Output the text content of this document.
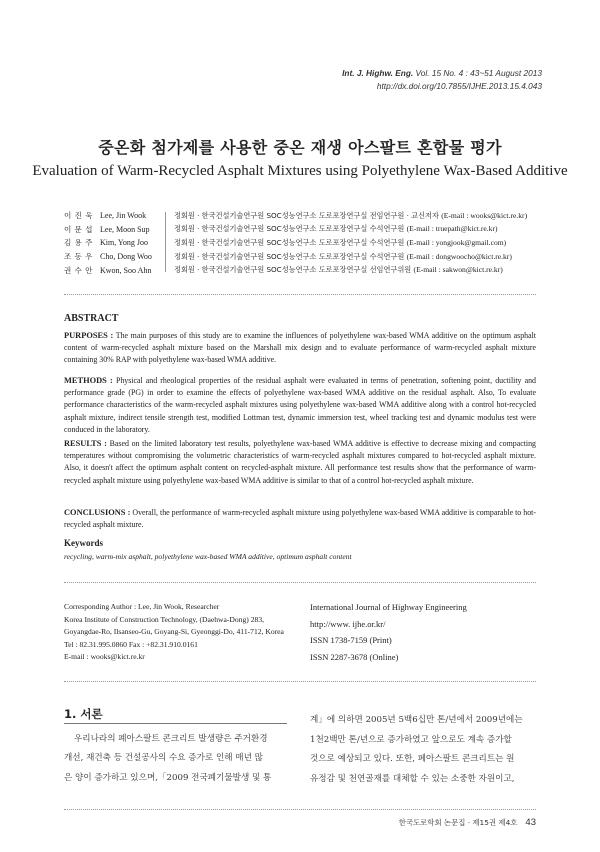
Int. J. Highw. Eng. Vol. 15 No. 4 : 43~51 August 2013
http://dx.doi.org/10.7855/IJHE.2013.15.4.043
중온화 첨가제를 사용한 중온 재생 아스팔트 혼합물 평가
Evaluation of Warm-Recycled Asphalt Mixtures using Polyethylene Wax-Based Additive
이 진 욱 Lee, Jin Wook	정회원 · 한국건설기술연구원 SOC성능연구소 도로포장연구실 전임연구원 · 교신저자 (E-mail : wooks@kict.re.kr)
이 문 섭 Lee, Moon Sup	정회원 · 한국건설기술연구원 SOC성능연구소 도로포장연구실 수석연구원 (E-mail : truepath@kict.re.kr)
김 용 주 Kim, Yong Joo	정회원 · 한국건설기술연구원 SOC성능연구소 도로포장연구실 수석연구원 (E-mail : yongjook@gmail.com)
조 동 우 Cho, Dong Woo	정회원 · 한국건설기술연구원 SOC성능연구소 도로포장연구실 수석연구원 (E-mail : dongwoocho@kict.re.kr)
권 수 안 Kwon, Soo Ahn	정회원 · 한국건설기술연구원 SOC성능연구소 도로포장연구실 선임연구위원 (E-mail : sakwon@kict.re.kr)
ABSTRACT
PURPOSES : The main purposes of this study are to examine the influences of polyethylene wax-based WMA additive on the optimum asphalt content of warm-recycled asphalt mixture based on the Marshall mix design and to evaluate performance of warm-recycled asphalt mixture containing 30% RAP with polyethylene wax-based WMA additive.
METHODS : Physical and rheological properties of the residual asphalt were evaluated in terms of penetration, softening point, ductility and performance grade (PG) in order to examine the effects of polyethylene wax-based WMA additive on the residual asphalt. Also, To evaluate performance characteristics of the warm-recycled asphalt mixtures using polyethylene wax-based WMA additive along with a control hot-recycled asphalt mixture, indirect tensile strength test, modified Lottman test, dynamic immersion test, wheel tracking test and dynamic modulus test were conduced in the laboratory.
RESULTS : Based on the limited laboratory test results, polyethylene wax-based WMA additive is effective to decrease mixing and compacting temperatures without compromising the volumetric characteristics of warm-recycled asphalt mixtures compared to hot-recycled asphalt mixture. Also, it doesn't affect the optimum asphalt content on recycled-asphalt mixture. All performance test results show that the performance of warm-recycled asphalt mixture using polyethylene wax-based WMA additive is similar to that of a control hot-recycled asphalt mixture.
CONCLUSIONS : Overall, the performance of warm-recycled asphalt mixture using polyethylene wax-based WMA additive is comparable to hot-recycled asphalt mixture.
Keywords
recycling, warm-mix asphalt, polyethylene wax-based WMA additive, optimum asphalt content
Corresponding Author : Lee, Jin Wook, Researcher
Korea Institute of Construction Technology, (Daehwa-Dong) 283,
Goyangdae-Ro, Ilsanseo-Gu, Goyang-Si, Gyeonggi-Do, 411-712, Korea
Tel : 82.31.995.0860 Fax : +82.31.910.0161
E-mail : wooks@kict.re.kr
International Journal of Highway Engineering
http://www. ijhe.or.kr/
ISSN 1738-7159 (Print)
ISSN 2287-3678 (Online)
1. 서론
우리나라의 폐아스팔트 콘크리트 발생량은 주거환경
개선, 재건축 등 건설공사의 수요 증가로 인해 매년 많
은 양이 증가하고 있으며,「2009 전국폐기물발생 및 통
계」에 의하면 2005년 5백6십만 톤/년에서 2009년에는
1천2백만 톤/년으로 증가하였고 앞으로도 계속 증가할
것으로 예상되고 있다. 또한, 페아스팔트 콘크리트는 원
유정감 및 천연골재를 대체할 수 있는 소중한 자원이고,
한국도로학회 논문집 · 제15권 제4호 43
